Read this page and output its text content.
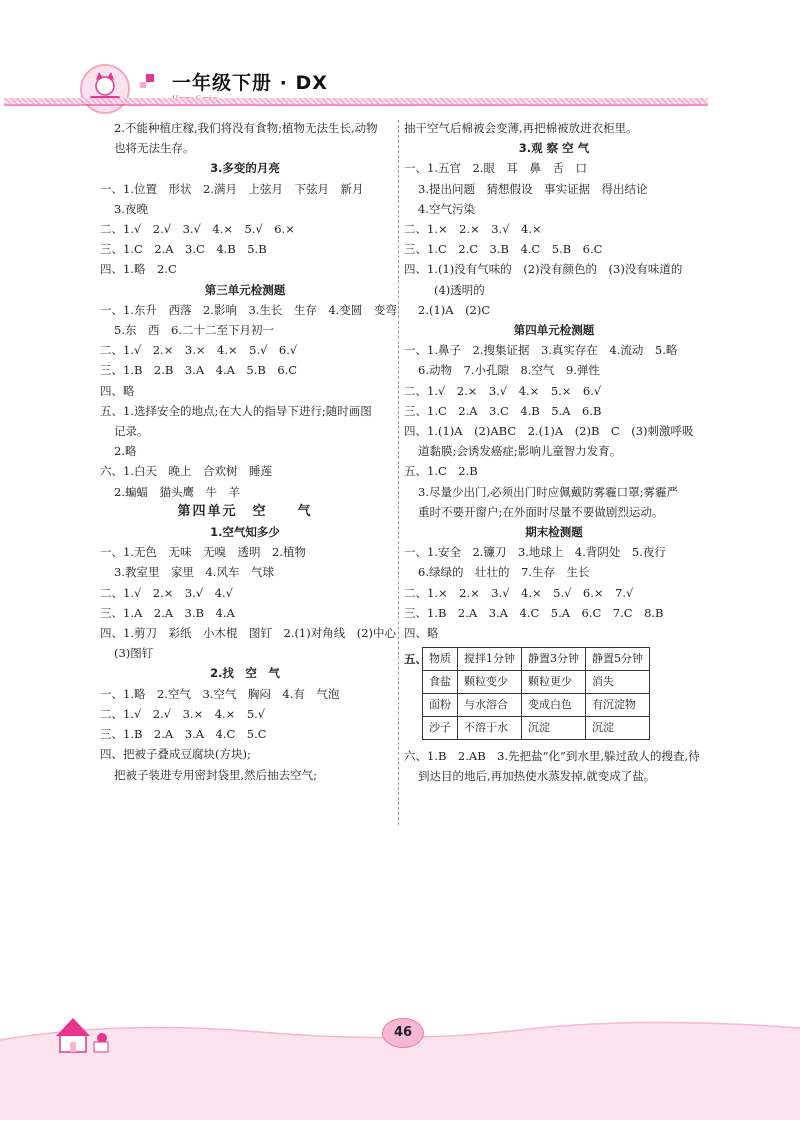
一年级下册 · DX
2.不能种植庄稼,我们将没有食物;植物无法生长,动物
也将无法生存。
3.多变的月亮
一、1.位置　形状　2.满月　上弦月　下弦月　新月
3.夜晚
二、1.√　2.√　3.√　4.×　5.√　6.×
三、1.C　2.A　3.C　4.B　5.B
四、1.略　2.C
第三单元检测题
一、1.东升　西落　2.影响　3.生长　生存　4.变圆　变弯
5.东　西　6.二十二至下月初一
二、1.√　2.×　3.×　4.×　5.√　6.√
三、1.B　2.B　3.A　4.A　5.B　6.C
四、略
五、1.选择安全的地点;在大人的指导下进行;随时画图
记录。
2.略
六、1.白天　晚上　合欢树　睡莲
2.蝙蝠　猫头鹰　牛　羊
第四单元　空　　气
1.空气知多少
一、1.无色　无味　无嗅　透明　2.植物
3.教室里　家里　4.风车　气球
二、1.√　2.×　3.√　4.√
三、1.A　2.A　3.B　4.A
四、1.剪刀　彩纸　小木棍　图钉　2.(1)对角线　(2)中心
(3)图钉
2.找　空　气
一、1.略　2.空气　3.空气　胸闷　4.有　气泡
二、1.√　2.√　3.×　4.×　5.√
三、1.B　2.A　3.A　4.C　5.C
四、把被子叠成豆腐块(方块);
把被子装进专用密封袋里,然后抽去空气;
抽干空气后棉被会变薄,再把棉被放进衣柜里。
3.观 察 空 气
一、1.五官　2.眼　耳　鼻　舌　口
3.提出问题　猜想假设　事实证据　得出结论
4.空气污染
二、1.×　2.×　3.√　4.×
三、1.C　2.C　3.B　4.C　5.B　6.C
四、1.(1)没有气味的　(2)没有颜色的　(3)没有味道的
(4)透明的
2.(1)A　(2)C
第四单元检测题
一、1.鼻子　2.搜集证据　3.真实存在　4.流动　5.略
6.动物　7.小孔隙　8.空气　9.弹性
二、1.√　2.×　3.√　4.×　5.×　6.√
三、1.C　2.A　3.C　4.B　5.A　6.B
四、1.(1)A　(2)ABC　2.(1)A　(2)B　C　(3)刺激呼吸
道黏膜;会诱发癌症;影响儿童智力发育。
五、1.C　2.B
3.尽量少出门,必须出门时应佩戴防雾霾口罩;雾霾严
重时不要开窗户;在外面时尽量不要做剧烈运动。
期末检测题
一、1.安全　2.镰刀　3.地球上　4.背阴处　5.夜行
6.绿绿的　壮壮的　7.生存　生长
二、1.×　2.×　3.√　4.×　5.√　6.×　7.√
三、1.B　2.A　3.A　4.C　5.A　6.C　7.C　8.B
四、略
五、 物质	搅拌1分钟	静置3分钟	静置5分钟
食盐	颗粒变少	颗粒更少	消失
面粉	与水溶合	变成白色	有沉淀物
沙子	不溶于水	沉淀	沉淀
六、1.B　2.AB　3.先把盐“化”到水里,躲过敌人的搜查,待
到达目的地后,再加热使水蒸发掉,就变成了盐。
46
